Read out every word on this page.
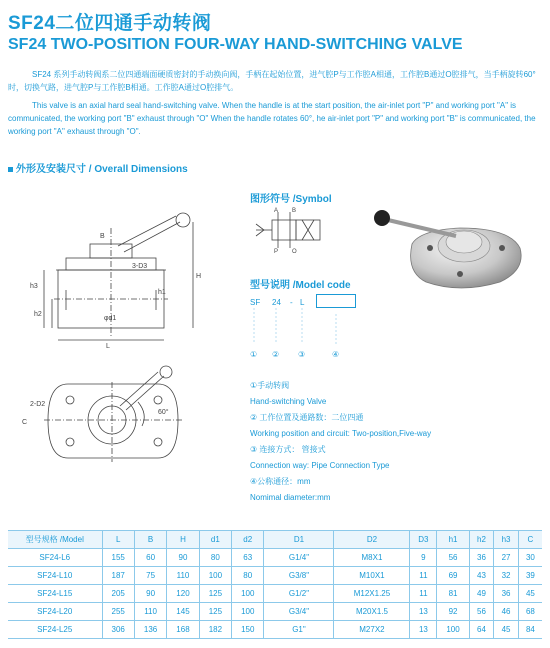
SF24二位四通手动转阀
SF24 TWO-POSITION FOUR-WAY HAND-SWITCHING VALVE

SF24 系列手动转阀系二位四通端面硬质密封的手动换向阀，手柄在起始位置，进气腔P与工作腔A相通，工作腔B通过O腔排气，当手柄旋转60°时，切换气路，进气腔P与工作腔B相通。工作腔A通过O腔排气。

This valve is an axial hard seal hand-switching valve. When the handle is at the start position, the air-inlet port "P" and working port "A" is communicated, the working port "B" exhaust through "O" When the handle rotates 60°, he air-inlet port "P" and working port "B" is communicated, the working port "A" exhaust through "O".

外形及安装尺寸 / Overall Dimensions
B
3-D3
φd1
L
H
h3
h2
h1
2-D2
60°
C
图形符号 /Symbol
A B
P O
型号说明 /Model code
SF 24 - L
① ② ③	④
①手动转阀
Hand-switching Valve
② 工作位置及通路数：二位四通
Working position and circuit: Two-position,Five-way
③ 连接方式： 管接式
Connection way: Pipe Connection Type
④公称通径：mm
Nomimal diameter:mm
型号规格 /Model	L	B	H	d1	d2	D1	D2	D3	h1	h2	h3	C
SF24-L6	155	60	90	80	63	G1/4"	M8X1	9	56	36	27	30
SF24-L10	187	75	110	100	80	G3/8"	M10X1	11	69	43	32	39
SF24-L15	205	90	120	125	100	G1/2"	M12X1.25	11	81	49	36	45
SF24-L20	255	110	145	125	100	G3/4"	M20X1.5	13	92	56	46	68
SF24-L25	306	136	168	182	150	G1"	M27X2	13	100	64	45	84
